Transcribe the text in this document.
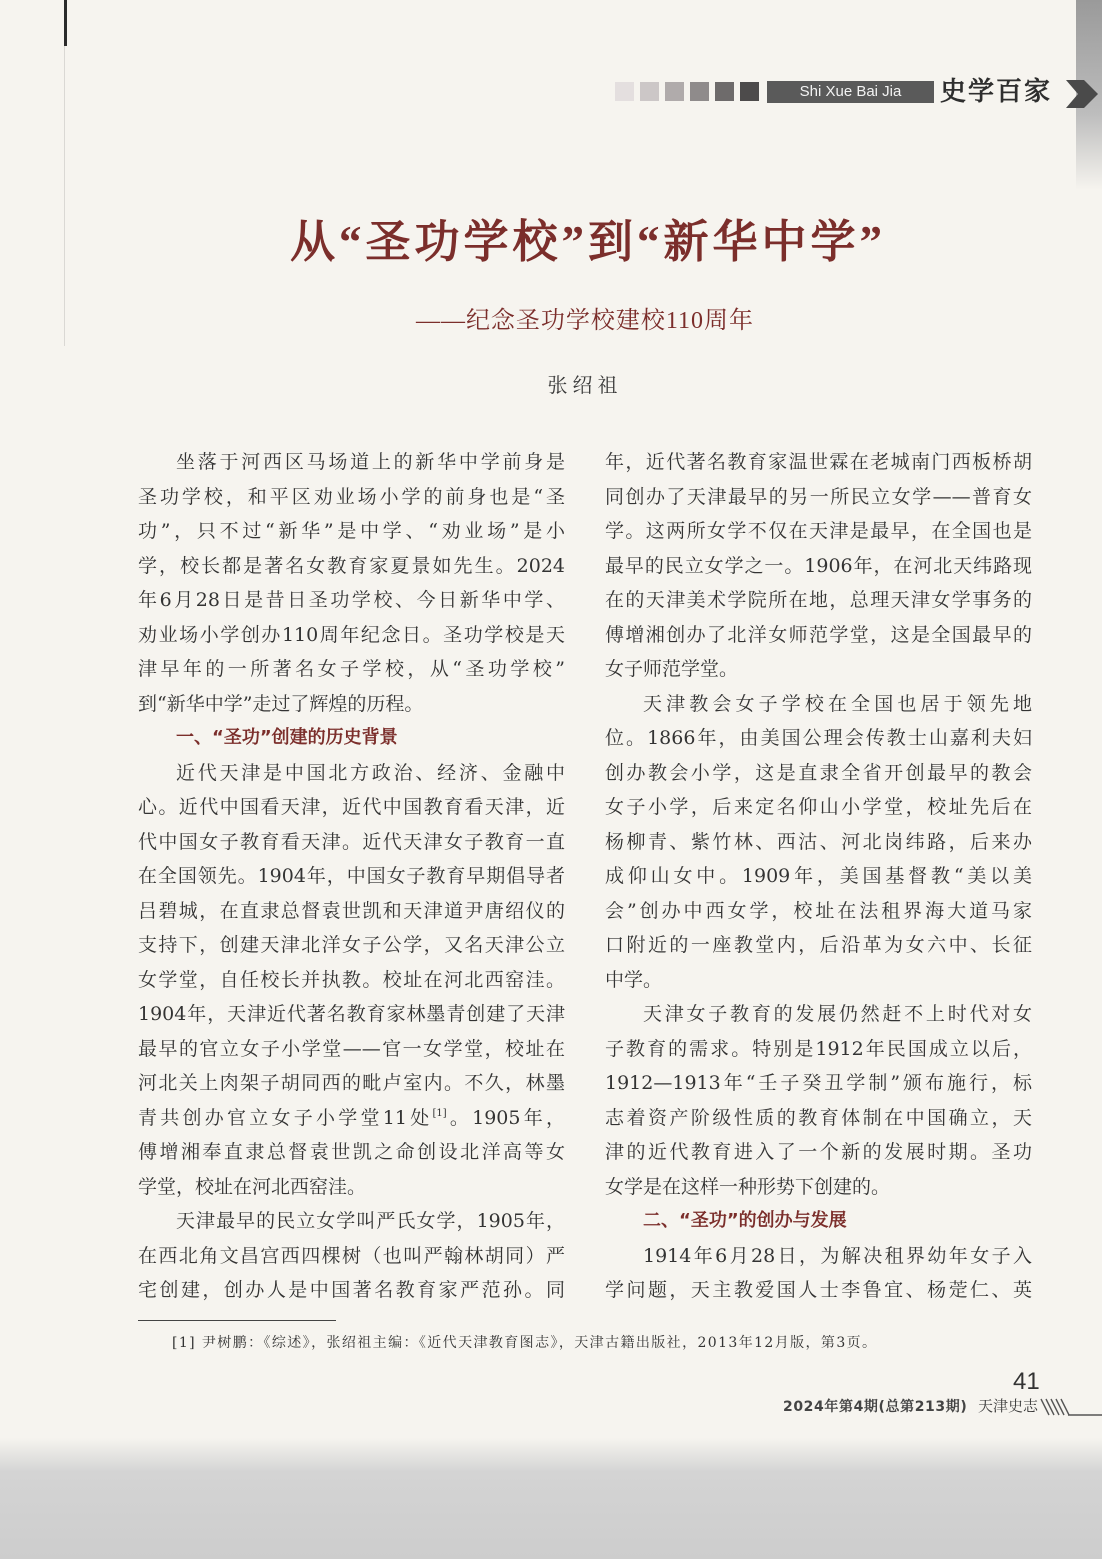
Shi Xue Bai Jia	史学百家
从“圣功学校”到“新华中学”
——纪念圣功学校建校110周年
张绍祖
坐落于河西区马场道上的新华中学前身是
圣功学校，和平区劝业场小学的前身也是“圣
功”，只不过“新华”是中学、“劝业场”是小
学，校长都是著名女教育家夏景如先生。2024
年6月28日是昔日圣功学校、今日新华中学、
劝业场小学创办110周年纪念日。圣功学校是天
津早年的一所著名女子学校，从“圣功学校”
到“新华中学”走过了辉煌的历程。
一、“圣功”创建的历史背景
近代天津是中国北方政治、经济、金融中
心。近代中国看天津，近代中国教育看天津，近
代中国女子教育看天津。近代天津女子教育一直
在全国领先。1904年，中国女子教育早期倡导者
吕碧城，在直隶总督袁世凯和天津道尹唐绍仪的
支持下，创建天津北洋女子公学，又名天津公立
女学堂，自任校长并执教。校址在河北西窑洼。
1904年，天津近代著名教育家林墨青创建了天津
最早的官立女子小学堂——官一女学堂，校址在
河北关上肉架子胡同西的毗卢室内。不久，林墨
青共创办官立女子小学堂11处[1]。1905年，
傅增湘奉直隶总督袁世凯之命创设北洋高等女
学堂，校址在河北西窑洼。
天津最早的民立女学叫严氏女学，1905年，
在西北角文昌宫西四棵树（也叫严翰林胡同）严
宅创建，创办人是中国著名教育家严范孙。同
年，近代著名教育家温世霖在老城南门西板桥胡
同创办了天津最早的另一所民立女学——普育女
学。这两所女学不仅在天津是最早，在全国也是
最早的民立女学之一。1906年，在河北天纬路现
在的天津美术学院所在地，总理天津女学事务的
傅增湘创办了北洋女师范学堂，这是全国最早的
女子师范学堂。
天津教会女子学校在全国也居于领先地
位。1866年，由美国公理会传教士山嘉利夫妇
创办教会小学，这是直隶全省开创最早的教会
女子小学，后来定名仰山小学堂，校址先后在
杨柳青、紫竹林、西沽、河北岗纬路，后来办
成仰山女中。1909年，美国基督教“美以美
会”创办中西女学，校址在法租界海大道马家
口附近的一座教堂内，后沿革为女六中、长征
中学。
天津女子教育的发展仍然赶不上时代对女
子教育的需求。特别是1912年民国成立以后，
1912—1913年“壬子癸丑学制”颁布施行，标
志着资产阶级性质的教育体制在中国确立，天
津的近代教育进入了一个新的发展时期。圣功
女学是在这样一种形势下创建的。
二、“圣功”的创办与发展
1914年6月28日，为解决租界幼年女子入
学问题，天主教爱国人士李鲁宜、杨萣仁、英
[1] 尹树鹏：《综述》，张绍祖主编：《近代天津教育图志》，天津古籍出版社，2013年12月版，第3页。
41
2024年第4期(总第213期) 天津史志
